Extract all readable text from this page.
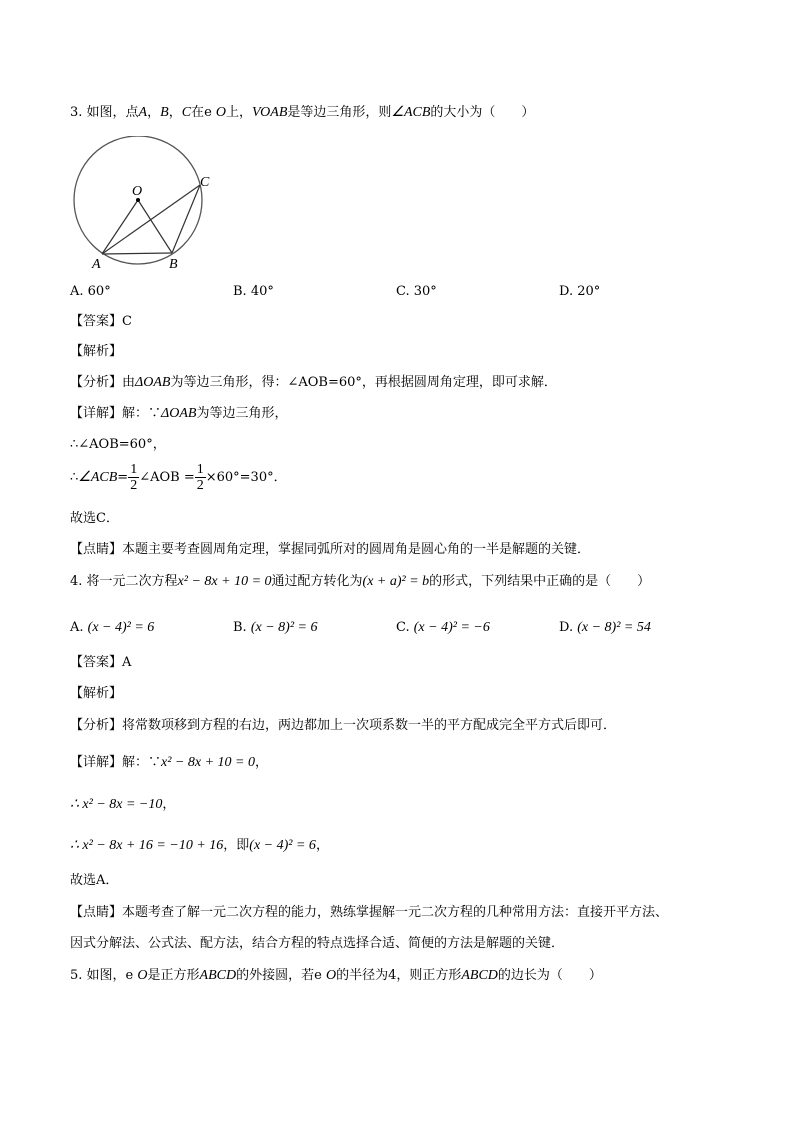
3. 如图，点A，B，C在e O上，VOAB是等边三角形，则∠ACB的大小为（　　）
O
A	B
C
A. 60°	B. 40°	C. 30°	D. 20°
【答案】C
【解析】
【分析】由ΔOAB为等边三角形，得：∠AOB=60°，再根据圆周角定理，即可求解．
【详解】解：∵ΔOAB为等边三角形，
∴∠AOB=60°，
∴∠ACB= $\frac{1}{2}$ ∠AOB = $\frac{1}{2} \times 60^\circ=30^\circ$．
故选C．
【点睛】本题主要考查圆周角定理，掌握同弧所对的圆周角是圆心角的一半是解题的关键．
4. 将一元二次方程x² − 8x + 10 = 0通过配方转化为(x + a)² = b的形式，下列结果中正确的是（　　）
A. (x − 4)² = 6	B. (x − 8)² = 6	C. (x − 4)² = −6	D. (x − 8)² = 54
【答案】A
【解析】
【分析】将常数项移到方程的右边，两边都加上一次项系数一半的平方配成完全平方式后即可．
【详解】解：∵x² − 8x + 10 = 0，
∴ x² − 8x = −10，
∴ x² − 8x + 16 = −10 + 16，即(x − 4)² = 6，
故选A．
【点睛】本题考查了解一元二次方程的能力，熟练掌握解一元二次方程的几种常用方法：直接开平方法、
因式分解法、公式法、配方法，结合方程的特点选择合适、简便的方法是解题的关键．
5. 如图，e O是正方形ABCD的外接圆，若e O的半径为4，则正方形ABCD的边长为（　　）
